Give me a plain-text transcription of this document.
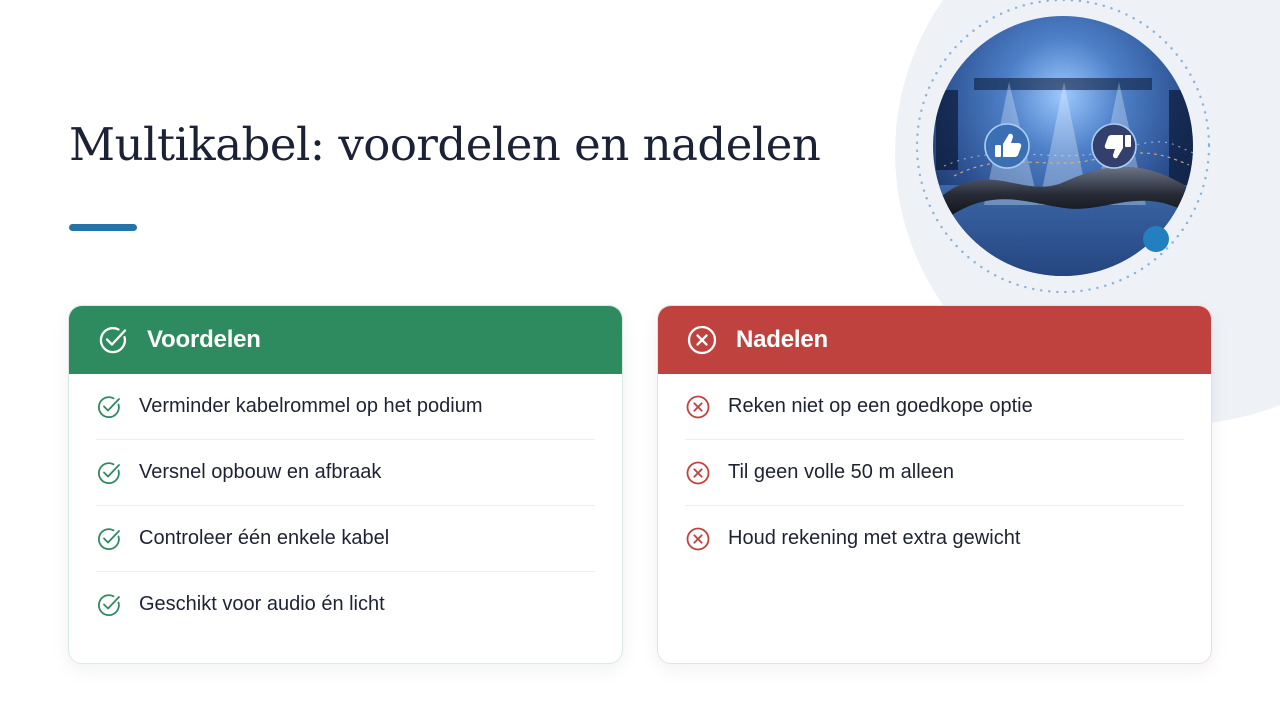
Multikabel: voordelen en nadelen
Voordelen
Verminder kabelrommel op het podium
Versnel opbouw en afbraak
Controleer één enkele kabel
Geschikt voor audio én licht
Nadelen
Reken niet op een goedkope optie
Til geen volle 50 m alleen
Houd rekening met extra gewicht
